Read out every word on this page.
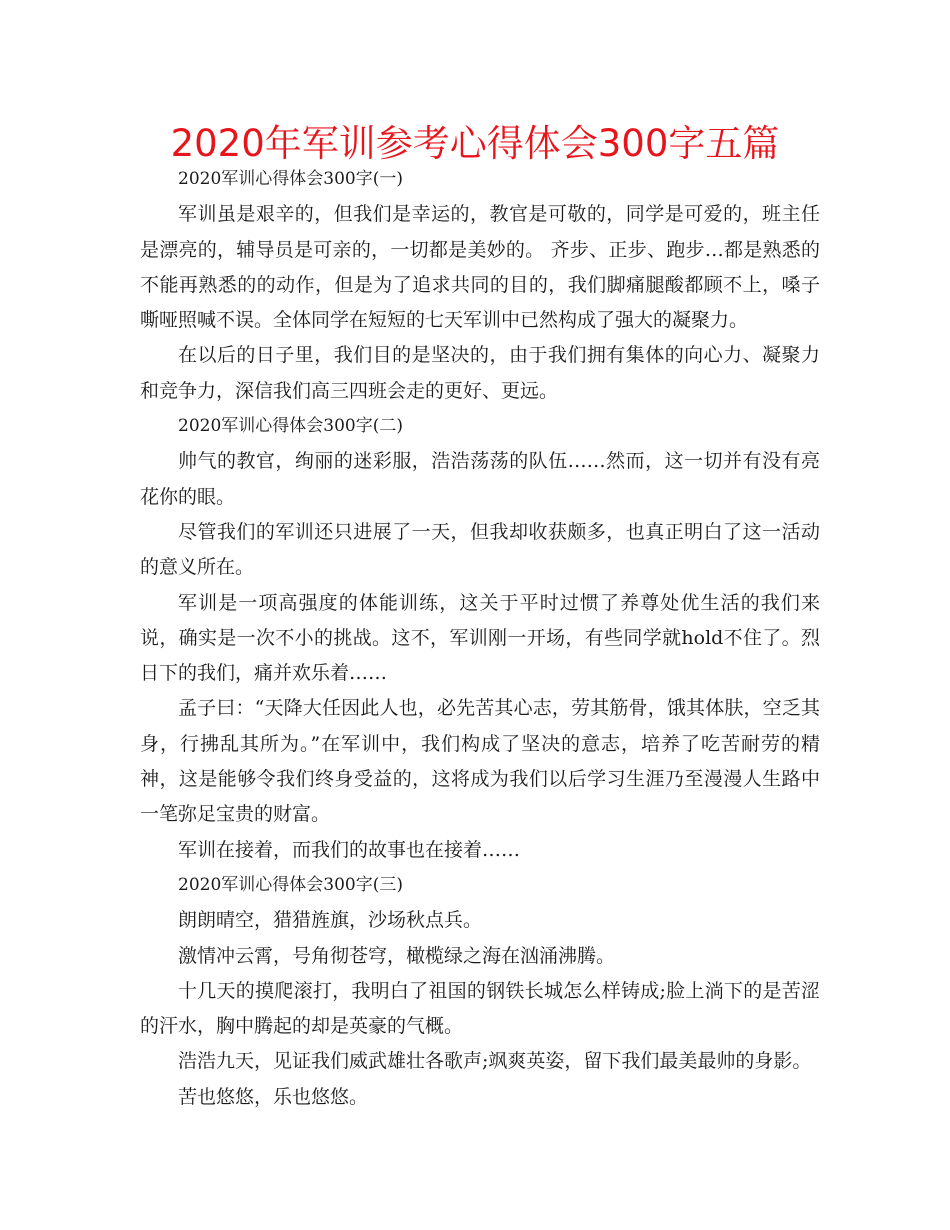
2020年军训参考心得体会300字五篇

2020军训心得体会300字(一)

军训虽是艰辛的，但我们是幸运的，教官是可敬的，同学是可爱的，班主任是漂亮的，辅导员是可亲的，一切都是美妙的。 齐步、正步、跑步…都是熟悉的不能再熟悉的的动作，但是为了追求共同的目的，我们脚痛腿酸都顾不上，嗓子嘶哑照喊不误。全体同学在短短的七天军训中已然构成了强大的凝聚力。

在以后的日子里，我们目的是坚决的，由于我们拥有集体的向心力、凝聚力和竞争力，深信我们高三四班会走的更好、更远。

2020军训心得体会300字(二)

帅气的教官，绚丽的迷彩服，浩浩荡荡的队伍……然而，这一切并有没有亮花你的眼。

尽管我们的军训还只进展了一天，但我却收获颇多，也真正明白了这一活动的意义所在。

军训是一项高强度的体能训练，这关于平时过惯了养尊处优生活的我们来说，确实是一次不小的挑战。这不，军训刚一开场，有些同学就hold不住了。烈日下的我们，痛并欢乐着……

孟子曰：“天降大任因此人也，必先苦其心志，劳其筋骨，饿其体肤，空乏其身，行拂乱其所为。”在军训中，我们构成了坚决的意志，培养了吃苦耐劳的精神，这是能够令我们终身受益的，这将成为我们以后学习生涯乃至漫漫人生路中一笔弥足宝贵的财富。

军训在接着，而我们的故事也在接着……

2020军训心得体会300字(三)

朗朗晴空，猎猎旌旗，沙场秋点兵。

激情冲云霄，号角彻苍穹，橄榄绿之海在汹涌沸腾。

十几天的摸爬滚打，我明白了祖国的钢铁长城怎么样铸成;脸上淌下的是苦涩的汗水，胸中腾起的却是英豪的气概。

浩浩九天，见证我们威武雄壮各歌声;飒爽英姿，留下我们最美最帅的身影。

苦也悠悠，乐也悠悠。
